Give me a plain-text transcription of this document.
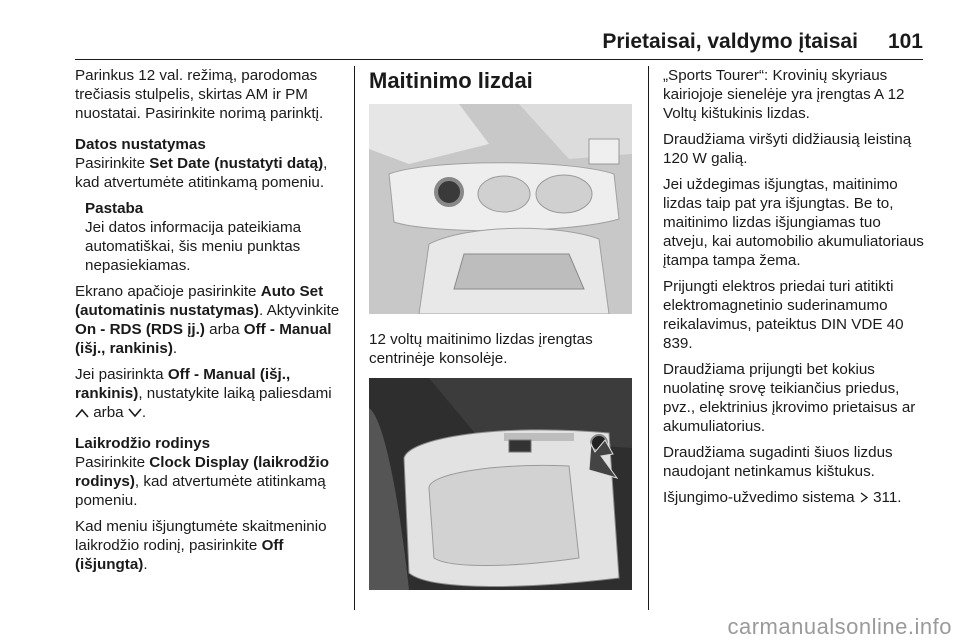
Prietaisai, valdymo įtaisai 101

Parinkus 12 val. režimą, parodomas trečiasis stulpelis, skirtas AM ir PM nuostatai. Pasirinkite norimą parinktį.

Datos nustatymas

Pasirinkite Set Date (nustatyti datą), kad atvertumėte atitinkamą pomeniu.

Pastaba
Jei datos informacija pateikiama automatiškai, šis meniu punktas nepasiekiamas.

Ekrano apačioje pasirinkite Auto Set (automatinis nustatymas). Aktyvinkite On - RDS (RDS įj.) arba Off - Manual (išj., rankinis).

Jei pasirinkta Off - Manual (išj., rankinis), nustatykite laiką paliesdami  arba .

Laikrodžio rodinys

Pasirinkite Clock Display (laikrodžio rodinys), kad atvertumėte atitinkamą pomeniu.

Kad meniu išjungtumėte skaitmeninio laikrodžio rodinį, pasirinkite Off (išjungta).

Maitinimo lizdai

12 voltų maitinimo lizdas įrengtas centrinėje konsolėje.

„Sports Tourer“: Krovinių skyriaus kairiojoje sienelėje yra įrengtas A 12 Voltų kištukinis lizdas.

Draudžiama viršyti didžiausią leistiną 120 W galią.

Jei uždegimas išjungtas, maitinimo lizdas taip pat yra išjungtas. Be to, maitinimo lizdas išjungiamas tuo atveju, kai automobilio akumuliatoriaus įtampa tampa žema.

Prijungti elektros priedai turi atitikti elektromagnetinio suderinamumo reikalavimus, pateiktus DIN VDE 40 839.

Draudžiama prijungti bet kokius nuolatinę srovę teikiančius priedus, pvz., elektrinius įkrovimo prietaisus ar akumuliatorius.

Draudžiama sugadinti šiuos lizdus naudojant netinkamus kištukus.

Išjungimo-užvedimo sistema  311.

carmanualsonline.info
